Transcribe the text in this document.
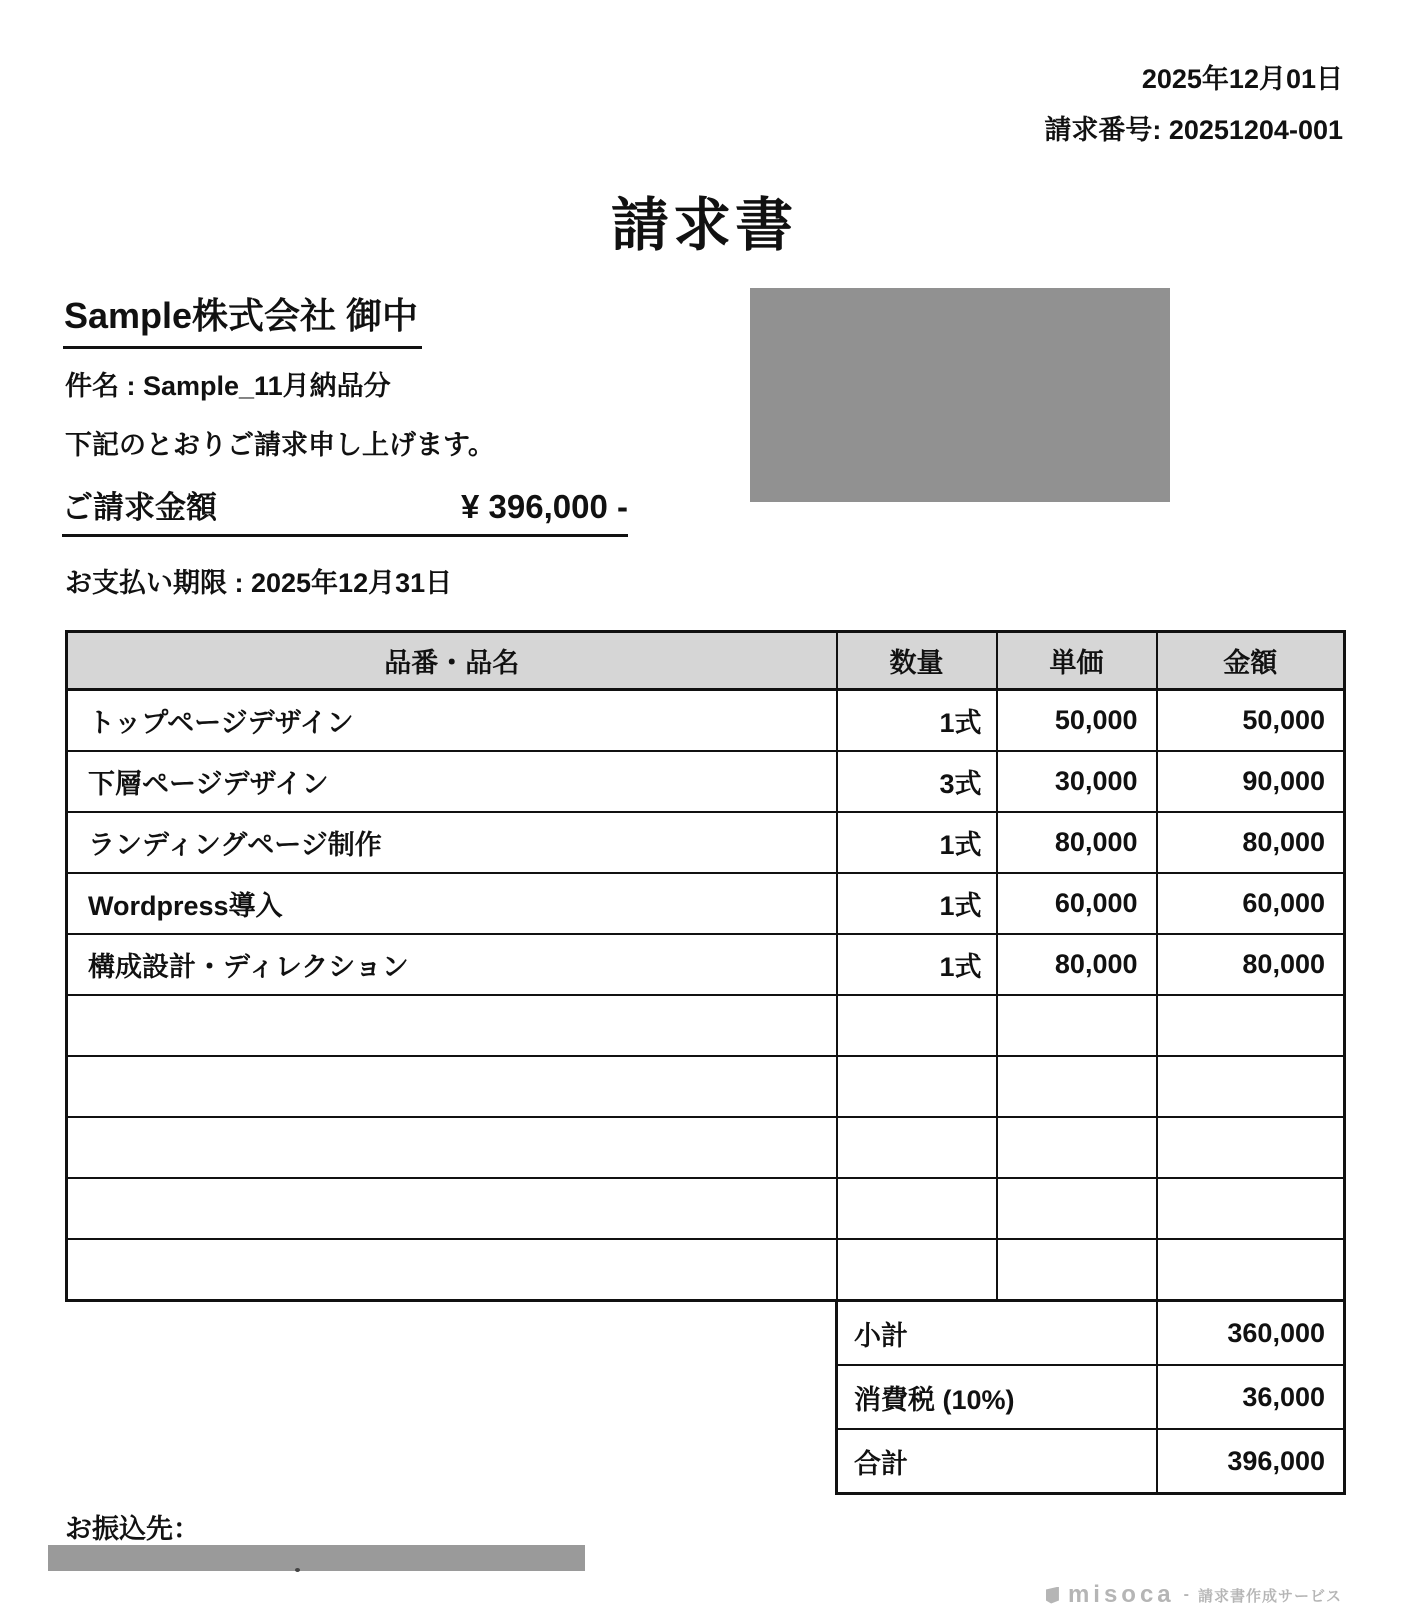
2025年12月01日
請求番号: 20251204-001
請求書
Sample株式会社 御中
件名 : Sample_11月納品分
下記のとおりご請求申し上げます。
ご請求金額	¥ 396,000 -
お支払い期限 : 2025年12月31日
品番・品名	数量	単価	金額
トップページデザイン	1式	50,000	50,000
下層ページデザイン	3式	30,000	90,000
ランディングページ制作	1式	80,000	80,000
Wordpress導入	1式	60,000	60,000
構成設計・ディレクション	1式	80,000	80,000

小計	360,000
消費税 (10%)	36,000
合計	396,000
お振込先：
misoca - 請求書作成サービス
